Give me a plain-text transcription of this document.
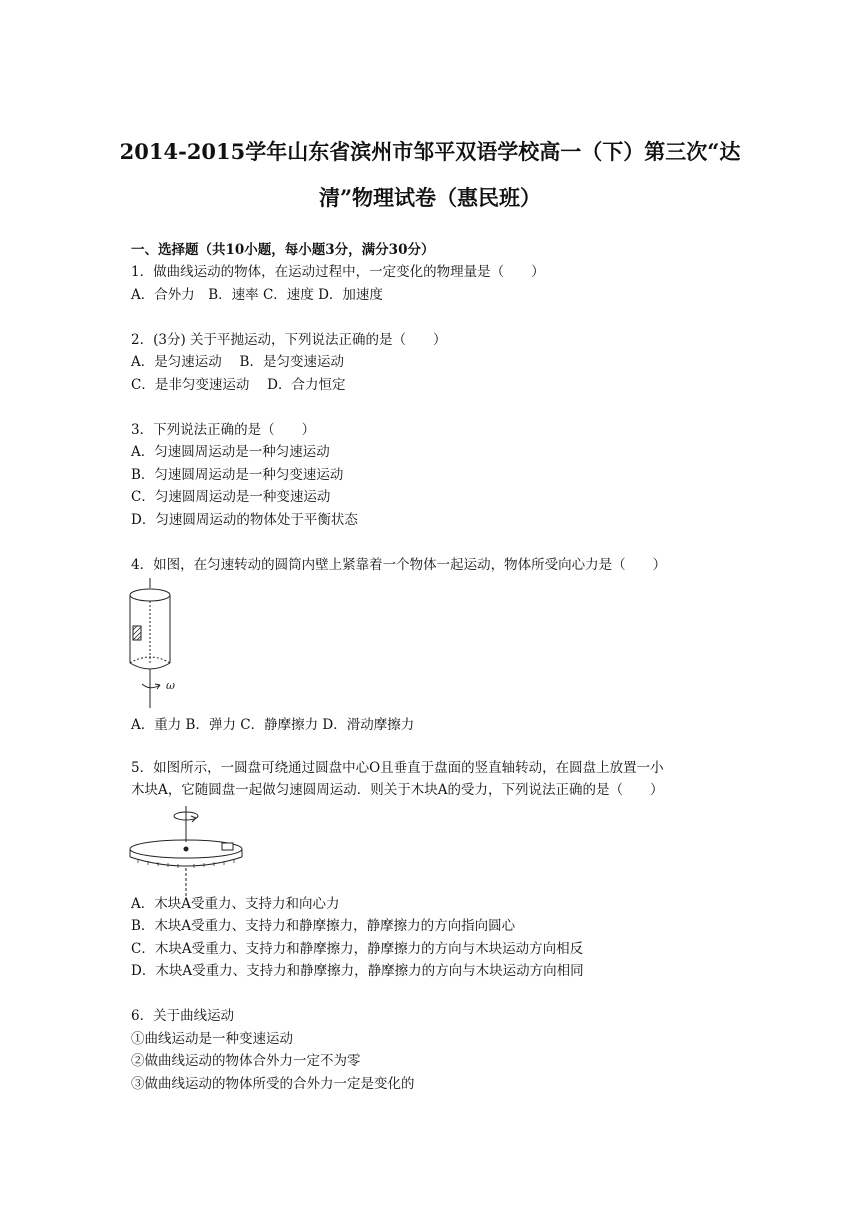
2014-2015学年山东省滨州市邹平双语学校高一（下）第三次“达
清”物理试卷（惠民班）
一、选择题（共10小题，每小题3分，满分30分）
1．做曲线运动的物体，在运动过程中，一定变化的物理量是（　　）
A．合外力　B．速率 C．速度 D．加速度
2．(3分) 关于平抛运动，下列说法正确的是（　　）
A．是匀速运动　 B．是匀变速运动
C．是非匀变速运动　 D．合力恒定
3．下列说法正确的是（　　）
A．匀速圆周运动是一种匀速运动
B．匀速圆周运动是一种匀变速运动
C．匀速圆周运动是一种变速运动
D．匀速圆周运动的物体处于平衡状态
4．如图，在匀速转动的圆筒内壁上紧靠着一个物体一起运动，物体所受向心力是（　　）
ω
A．重力 B．弹力 C．静摩擦力 D．滑动摩擦力
5．如图所示，一圆盘可绕通过圆盘中心O且垂直于盘面的竖直轴转动，在圆盘上放置一小
木块A，它随圆盘一起做匀速圆周运动．则关于木块A的受力，下列说法正确的是（　　）
A．木块A受重力、支持力和向心力
B．木块A受重力、支持力和静摩擦力，静摩擦力的方向指向圆心
C．木块A受重力、支持力和静摩擦力，静摩擦力的方向与木块运动方向相反
D．木块A受重力、支持力和静摩擦力，静摩擦力的方向与木块运动方向相同
6．关于曲线运动
①曲线运动是一种变速运动
②做曲线运动的物体合外力一定不为零
③做曲线运动的物体所受的合外力一定是变化的
